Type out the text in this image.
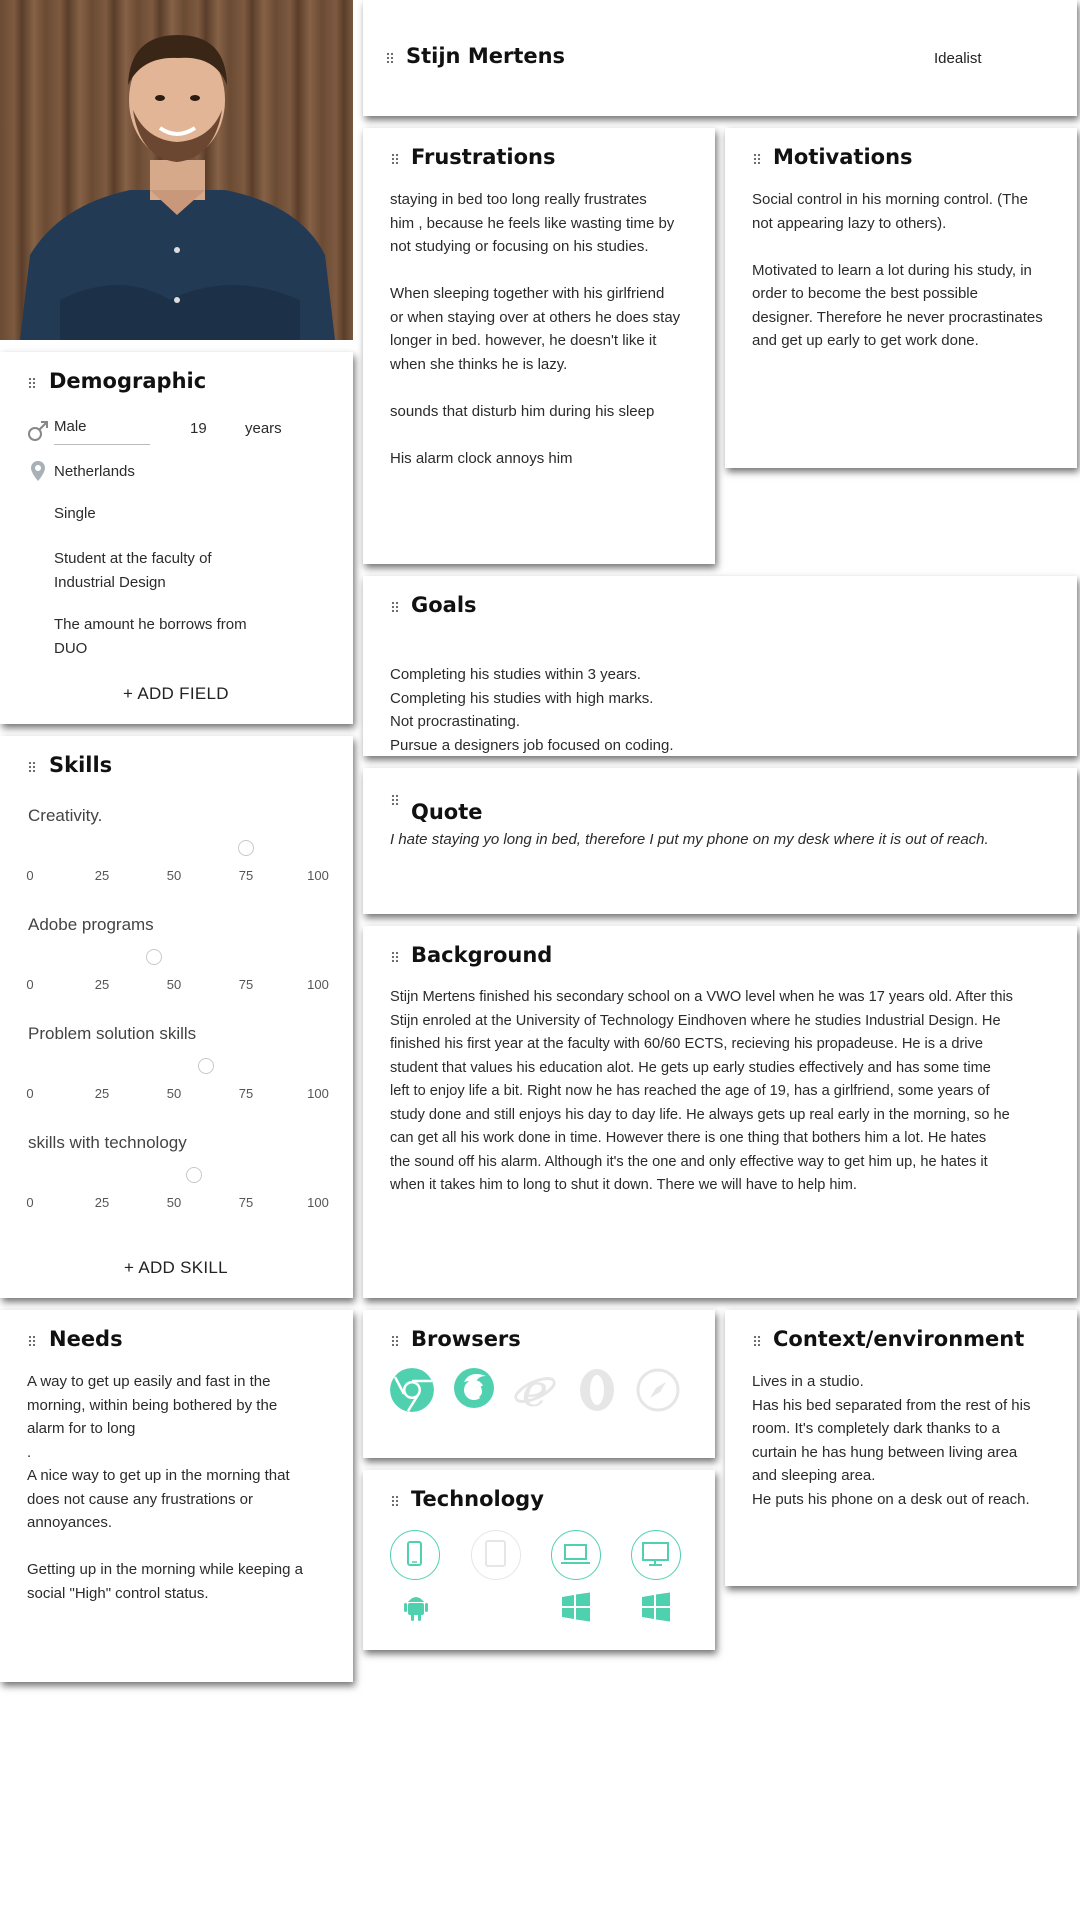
Stijn Mertens	Idealist
Demographic
Male	19	years
Netherlands
Single
Student at the faculty of
Industrial Design
The amount he borrows from
DUO
+ ADD FIELD
Frustrations
staying in bed too long really frustrates
him , because he feels like wasting time by
not studying or focusing on his studies.

When sleeping together with his girlfriend
or when staying over at others he does stay
longer in bed. however, he doesn't like it
when she thinks he is lazy.

sounds that disturb him during his sleep

His alarm clock annoys him
Motivations
Social control in his morning control. (The
not appearing lazy to others).

Motivated to learn a lot during his study, in
order to become the best possible
designer. Therefore he never procrastinates
and get up early to get work done.
Goals
Completing his studies within 3 years.
Completing his studies with high marks.
Not procrastinating.
Pursue a designers job focused on coding.
Quote
I hate staying yo long in bed, therefore I put my phone on my desk where it is out of reach.
Background
Stijn Mertens finished his secondary school on a VWO level when he was 17 years old. After this
Stijn enroled at the University of Technology Eindhoven where he studies Industrial Design. He
finished his first year at the faculty with 60/60 ECTS, recieving his propadeuse. He is a drive
student that values his education alot. He gets up early studies effectively and has some time
left to enjoy life a bit. Right now he has reached the age of 19, has a girlfriend, some years of
study done and still enjoys his day to day life. He always gets up real early in the morning, so he
can get all his work done in time. However there is one thing that bothers him a lot. He hates
the sound off his alarm. Although it's the one and only effective way to get him up, he hates it
when it takes him to long to shut it down. There we will have to help him.
Skills
Creativity.
0	25	50	75	100
Adobe programs
0	25	50	75	100
Problem solution skills
0	25	50	75	100
skills with technology
0	25	50	75	100
+ ADD SKILL
Needs
A way to get up easily and fast in the
morning, within being bothered by the
alarm for to long
.
A nice way to get up in the morning that
does not cause any frustrations or
annoyances.

Getting up in the morning while keeping a
social "High" control status.
Browsers
e
Technology
Context/environment
Lives in a studio.
Has his bed separated from the rest of his
room. It's completely dark thanks to a
curtain he has hung between living area
and sleeping area.
He puts his phone on a desk out of reach.
